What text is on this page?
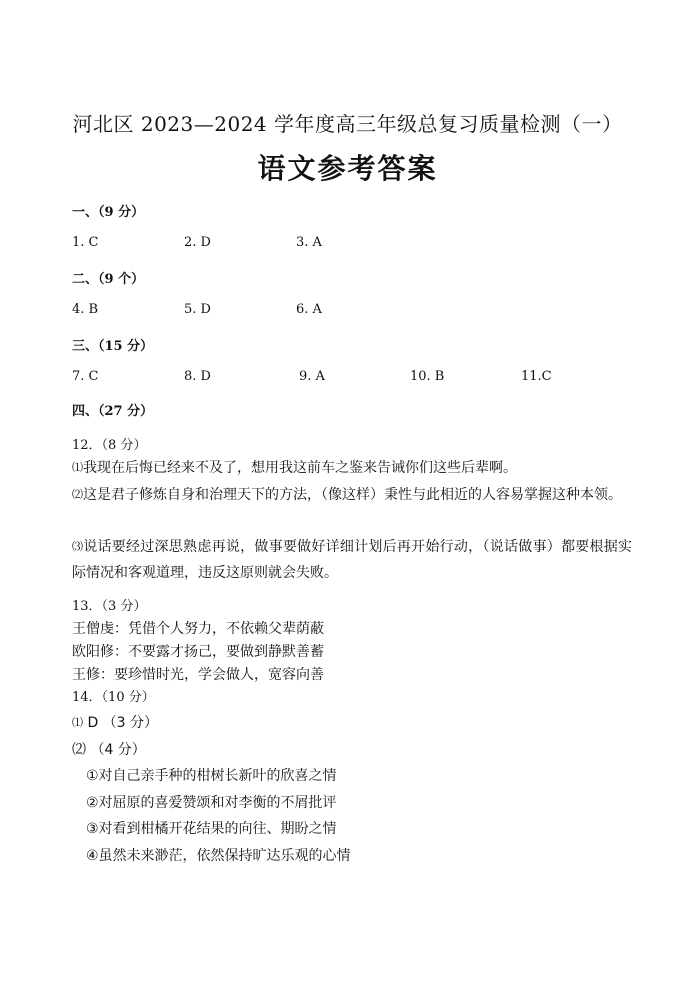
河北区 2023—2024 学年度高三年级总复习质量检测（一）
语文参考答案
一、（9 分）
1. C	2. D	3. A
二、（9 个）
4. B	5. D	6. A
三、（15 分）
7. C	8. D	9. A	10. B	11.C
四、（27 分）
12．（8 分）
⑴我现在后悔已经来不及了，想用我这前车之鉴来告诫你们这些后辈啊。
⑵这是君子修炼自身和治理天下的方法，（像这样）秉性与此相近的人容易掌握这种本领。
⑶说话要经过深思熟虑再说，做事要做好详细计划后再开始行动，（说话做事）都要根据实际情况和客观道理，违反这原则就会失败。
13．（3 分）
王僧虔：凭借个人努力，不依赖父辈荫蔽
欧阳修：不要露才扬己，要做到静默善蓄
王修：要珍惜时光，学会做人，宽容向善
14．（10 分）
⑴ D （3 分）
⑵ （4 分）
①对自己亲手种的柑树长新叶的欣喜之情
②对屈原的喜爱赞颂和对李衡的不屑批评
③对看到柑橘开花结果的向往、期盼之情
④虽然未来渺茫，依然保持旷达乐观的心情
